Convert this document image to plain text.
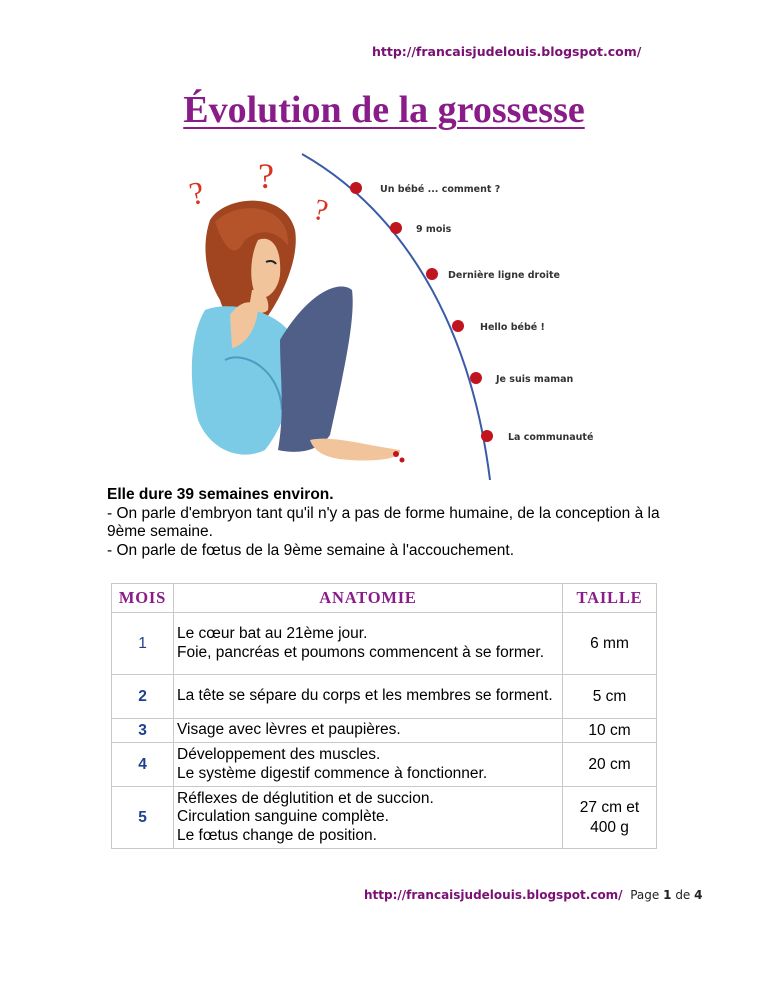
http://francaisjudelouis.blogspot.com/
Évolution de la grossesse
? ?
?
Un bébé ... comment ?
9 mois
Dernière ligne droite
Hello bébé !
Je suis maman
La communauté
Elle dure 39 semaines environ.
- On parle d'embryon tant qu'il n'y a pas de forme humaine, de la conception à la 9ème semaine.
- On parle de fœtus de la 9ème semaine à l'accouchement.
MOIS	ANATOMIE	TAILLE
1	Le cœur bat au 21ème jour.
Foie, pancréas et poumons commencent à se former.	6 mm
2	La tête se sépare du corps et les membres se forment.	5 cm
3	Visage avec lèvres et paupières.	10 cm
4	Développement des muscles.
Le système digestif commence à fonctionner.	20 cm
5	Réflexes de déglutition et de succion.
Circulation sanguine complète.
Le fœtus change de position.	27 cm et 400 g
http://francaisjudelouis.blogspot.com/ Page 1 de 4
